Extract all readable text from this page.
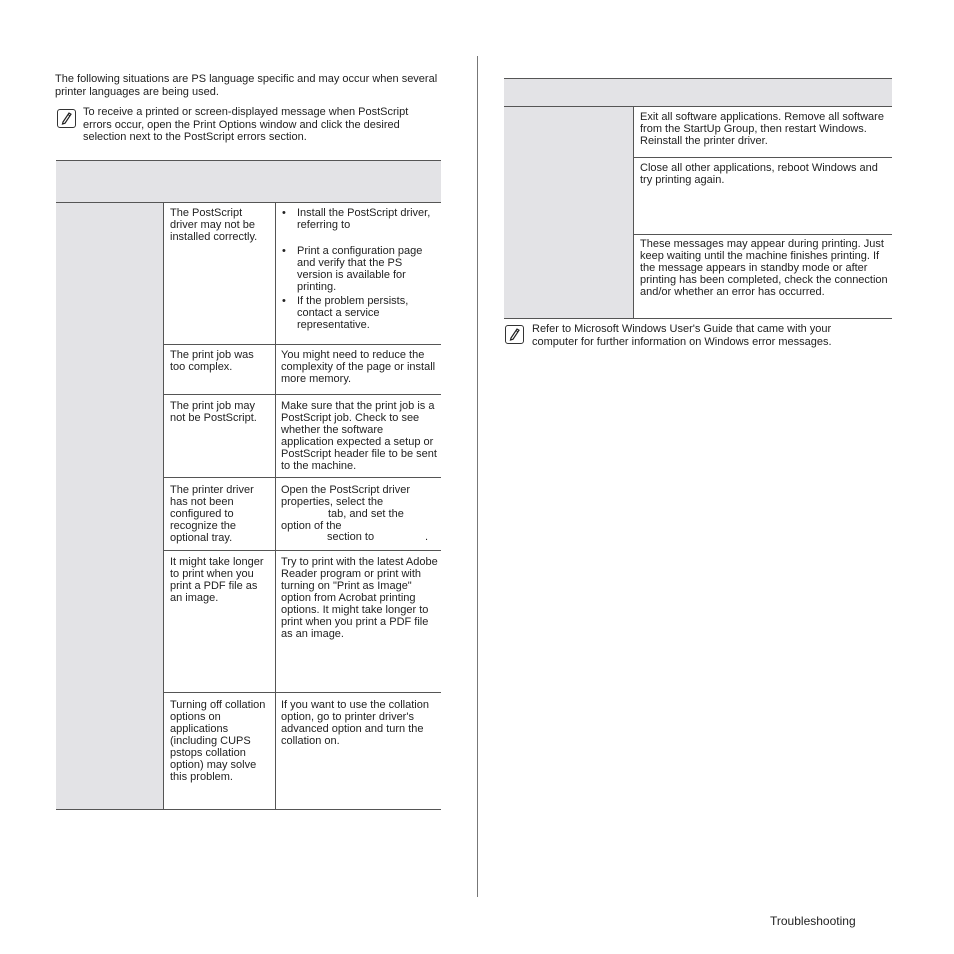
The following situations are PS language specific and may occur when several printer languages are being used.
To receive a printed or screen-displayed message when PostScript errors occur, open the Print Options window and click the desired selection next to the PostScript errors section.
The PostScript driver may not be installed correctly.
• Install the PostScript driver, referring to
• Print a configuration page and verify that the PS version is available for printing.
• If the problem persists, contact a service representative.
The print job was too complex.
You might need to reduce the complexity of the page or install more memory.
The print job may not be PostScript.
Make sure that the print job is a PostScript job. Check to see whether the software application expected a setup or PostScript header file to be sent to the machine.
The printer driver has not been configured to recognize the optional tray.
Open the PostScript driver
properties, select the
tab, and set the
option of the
section to	.
It might take longer to print when you print a PDF file as an image.
Try to print with the latest Adobe Reader program or print with turning on "Print as Image" option from Acrobat printing options. It might take longer to print when you print a PDF file as an image.
Turning off collation options on applications (including CUPS pstops collation option) may solve this problem.
If you want to use the collation option, go to printer driver's advanced option and turn the collation on.
Exit all software applications. Remove all software from the StartUp Group, then restart Windows. Reinstall the printer driver.
Close all other applications, reboot Windows and try printing again.
These messages may appear during printing. Just keep waiting until the machine finishes printing. If the message appears in standby mode or after printing has been completed, check the connection and/or whether an error has occurred.
Refer to Microsoft Windows User's Guide that came with your computer for further information on Windows error messages.
Troubleshooting
